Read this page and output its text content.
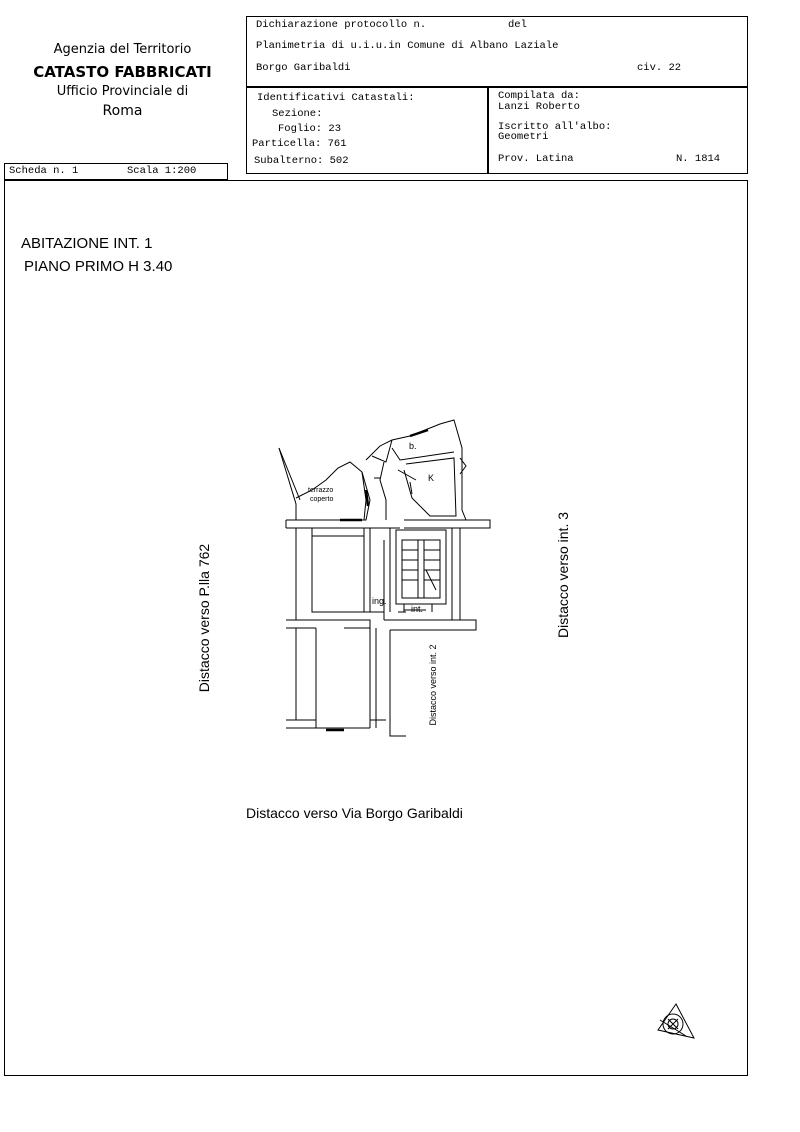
Agenzia del Territorio
CATASTO FABBRICATI
Ufficio Provinciale di
Roma
Dichiarazione protocollo n.	del
Planimetria di u.i.u.in Comune di Albano Laziale
Borgo Garibaldi	civ. 22
Identificativi Catastali:
Sezione:
Foglio: 23
Particella: 761
Subalterno: 502
Compilata da:
Lanzi Roberto
Iscritto all'albo:
Geometri
Prov. Latina	N. 1814
Scheda n. 1	Scala 1:200
ABITAZIONE INT. 1
PIANO PRIMO H 3.40
terrazzo
coperto
b.
K
ing.
int.
Distacco verso P.lla 762	Distacco verso int. 3
Distacco verso int. 2
Distacco verso Via Borgo Garibaldi
